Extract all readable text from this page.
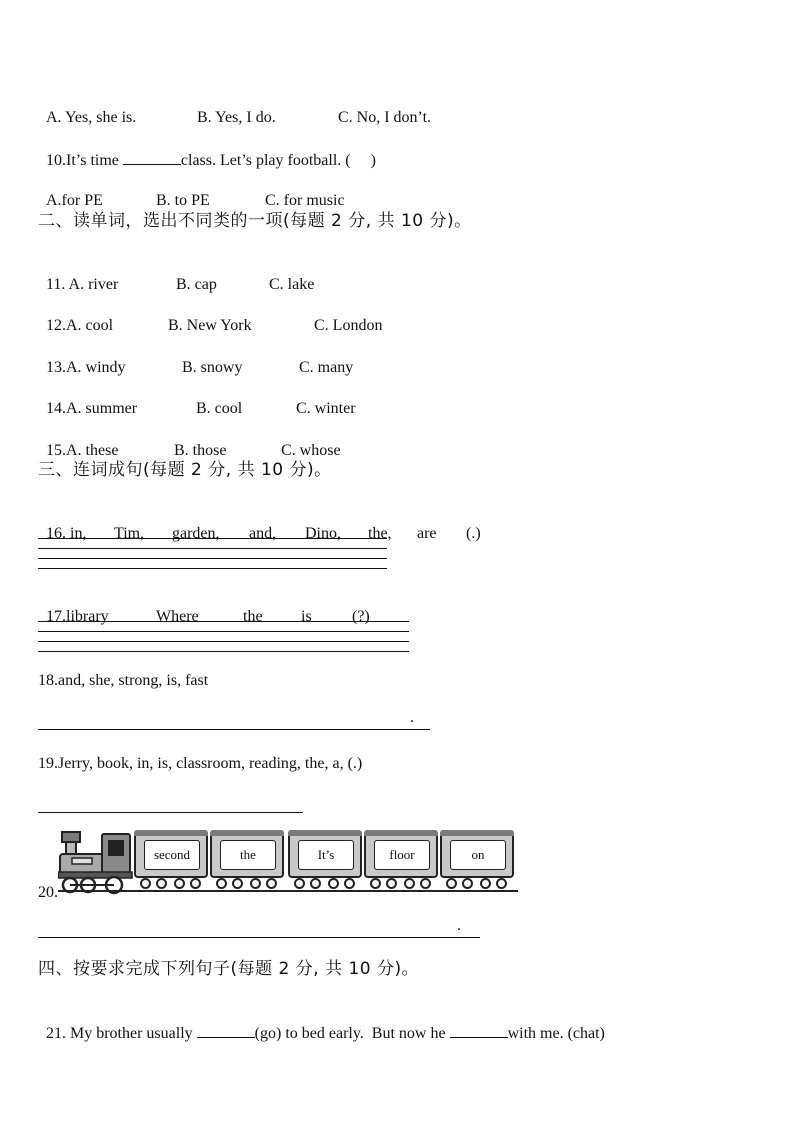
A. Yes, she is.	B. Yes, I do.	C. No, I don’t.

10.It’s time	class. Let’s play football. ( )

A.for PE	B. to PE	C. for music

二、读单词，选出不同类的一项(每题 2 分, 共 10 分)。

11. A. river	B. cap	C. lake

12.A. cool	B. New York	C. London

13.A. windy	B. snowy	C. many

14.A. summer	B. cool	C. winter

15.A. these	B. those	C. whose

三、连词成句(每题 2 分, 共 10 分)。

16. in, Tim, garden, and, Dino, the, are (.)

17.library	Where	the is	(?)

18.and, she, strong, is, fast
.
19.Jerry, book, in, is, classroom, reading, the, a, (.)
20.
second	the	It’s	floor	on
.
四、按要求完成下列句子(每题 2 分, 共 10 分)。

21. My brother usually	(go) to bed early.  But now he	with me. (chat)
